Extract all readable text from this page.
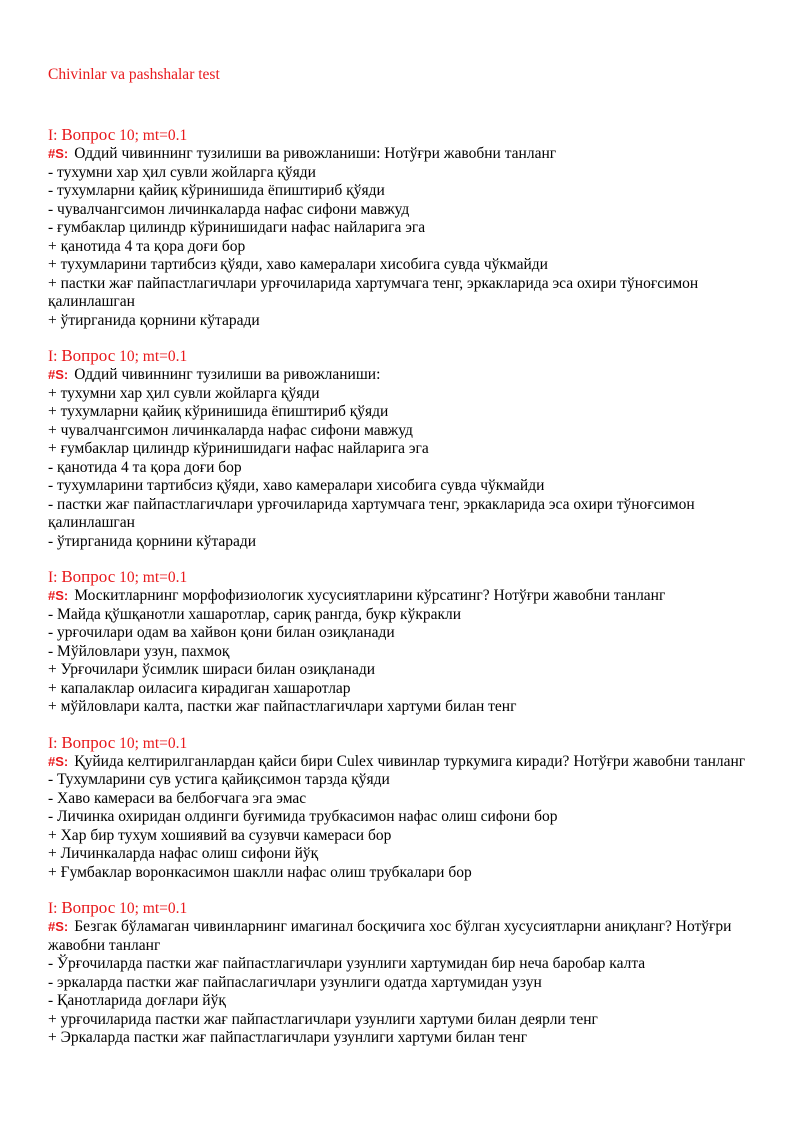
Chivinlar va pashshalar test
I: Вопрос 10; mt=0.1
#S: Оддий чивиннинг тузилиши ва ривожланиши: Нотўғри жавобни танланг
- тухумни хар ҳил сувли жойларга қўяди
- тухумларни қайиқ кўринишида ёпиштириб қўяди
- чувалчангсимон личинкаларда нафас сифони мавжуд
- ғумбаклар цилиндр кўринишидаги нафас найларига эга
+ қанотида 4 та қора доғи бор
+ тухумларини тартибсиз қўяди, хаво камералари хисобига сувда чўкмайди
+ пастки жағ пайпастлагичлари урғочиларида хартумчага тенг, эркакларида эса охири тўноғсимон қалинлашган
+ ўтирганида қорнини кўтаради
I: Вопрос 10; mt=0.1
#S: Оддий чивиннинг тузилиши ва ривожланиши:
+ тухумни хар ҳил сувли жойларга қўяди
+ тухумларни қайиқ кўринишида ёпиштириб қўяди
+ чувалчангсимон личинкаларда нафас сифони мавжуд
+ ғумбаклар цилиндр кўринишидаги нафас найларига эга
- қанотида 4 та қора доғи бор
- тухумларини тартибсиз қўяди, хаво камералари хисобига сувда чўкмайди
- пастки жағ пайпастлагичлари урғочиларида хартумчага тенг, эркакларида эса охири тўноғсимон қалинлашган
- ўтирганида қорнини кўтаради
I: Вопрос 10; mt=0.1
#S: Москитларнинг морфофизиологик хусусиятларини кўрсатинг? Нотўғри жавобни танланг
- Майда қўшқанотли хашаротлар, сариқ рангда, букр кўкракли
- урғочилари одам ва хайвон қони билан озиқланади
- Мўйловлари узун, пахмоқ
+ Урғочилари ўсимлик шираси билан озиқланади
+ капалаклар оиласига кирадиган хашаротлар
+ мўйловлари калта, пастки жағ пайпастлагичлари хартуми билан тенг
I: Вопрос 10; mt=0.1
#S: Қуйида келтирилганлардан қайси бири Culex чивинлар туркумига киради? Нотўғри жавобни танланг
- Тухумларини сув устига қайиқсимон тарзда қўяди
- Хаво камераси ва белбоғчага эга эмас
- Личинка охиридан олдинги буғимида трубкасимон нафас олиш сифони бор
+ Хар бир тухум хошиявий ва сузувчи камераси бор
+ Личинкаларда нафас олиш сифони йўқ
+ Ғумбаклар воронкасимон шаклли нафас олиш трубкалари бор
I: Вопрос 10; mt=0.1
#S: Безгак бўламаган чивинларнинг имагинал босқичига хос бўлган хусусиятларни аниқланг? Нотўғри жавобни танланг
- Ўрғочиларда пастки жағ пайпастлагичлари узунлиги хартумидан бир неча баробар калта
- эркаларда пастки жағ пайпаслагичлари узунлиги одатда хартумидан узун
- Қанотларида доғлари йўқ
+ урғочиларида пастки жағ пайпастлагичлари узунлиги хартуми билан деярли тенг
+ Эркаларда пастки жағ пайпастлагичлари узунлиги хартуми билан тенг
